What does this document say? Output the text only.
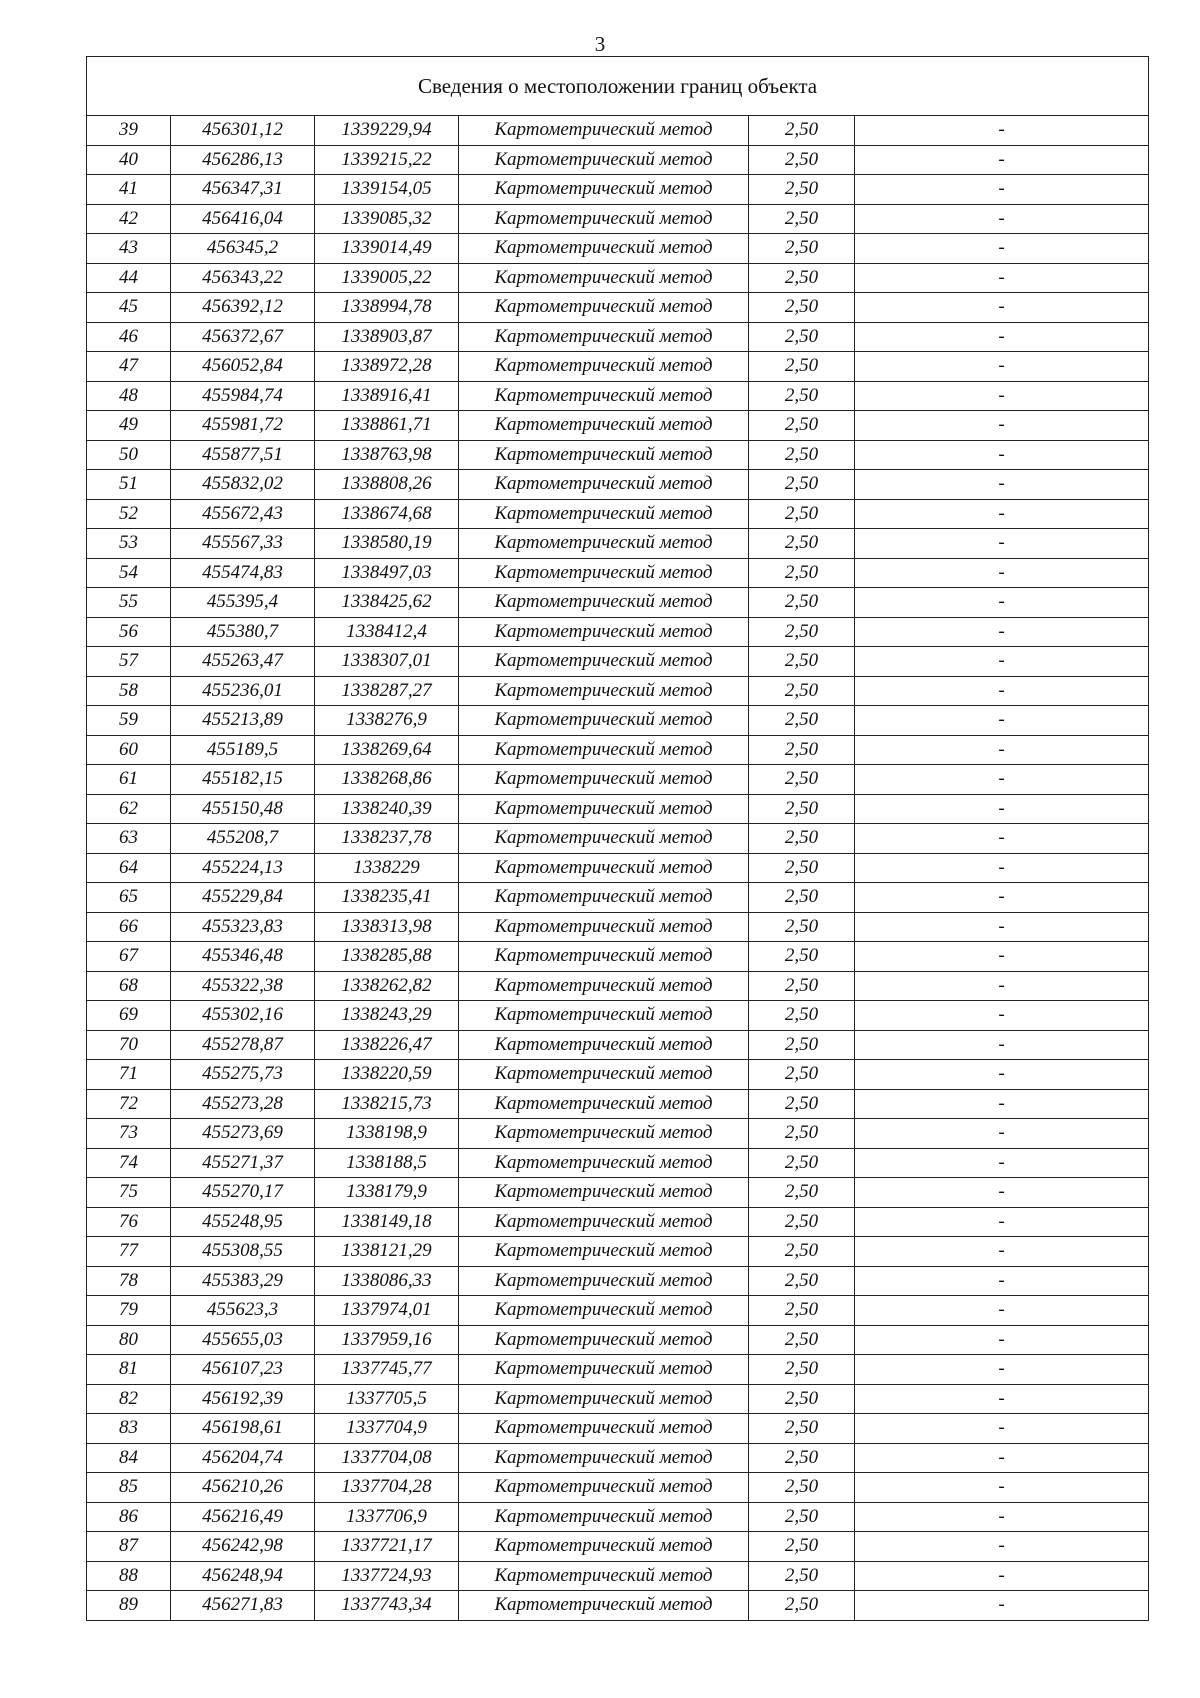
3
Сведения о местоположении границ объекта					
39	456301,12	1339229,94	Картометрический метод	2,50	-
40	456286,13	1339215,22	Картометрический метод	2,50	-
41	456347,31	1339154,05	Картометрический метод	2,50	-
42	456416,04	1339085,32	Картометрический метод	2,50	-
43	456345,2	1339014,49	Картометрический метод	2,50	-
44	456343,22	1339005,22	Картометрический метод	2,50	-
45	456392,12	1338994,78	Картометрический метод	2,50	-
46	456372,67	1338903,87	Картометрический метод	2,50	-
47	456052,84	1338972,28	Картометрический метод	2,50	-
48	455984,74	1338916,41	Картометрический метод	2,50	-
49	455981,72	1338861,71	Картометрический метод	2,50	-
50	455877,51	1338763,98	Картометрический метод	2,50	-
51	455832,02	1338808,26	Картометрический метод	2,50	-
52	455672,43	1338674,68	Картометрический метод	2,50	-
53	455567,33	1338580,19	Картометрический метод	2,50	-
54	455474,83	1338497,03	Картометрический метод	2,50	-
55	455395,4	1338425,62	Картометрический метод	2,50	-
56	455380,7	1338412,4	Картометрический метод	2,50	-
57	455263,47	1338307,01	Картометрический метод	2,50	-
58	455236,01	1338287,27	Картометрический метод	2,50	-
59	455213,89	1338276,9	Картометрический метод	2,50	-
60	455189,5	1338269,64	Картометрический метод	2,50	-
61	455182,15	1338268,86	Картометрический метод	2,50	-
62	455150,48	1338240,39	Картометрический метод	2,50	-
63	455208,7	1338237,78	Картометрический метод	2,50	-
64	455224,13	1338229	Картометрический метод	2,50	-
65	455229,84	1338235,41	Картометрический метод	2,50	-
66	455323,83	1338313,98	Картометрический метод	2,50	-
67	455346,48	1338285,88	Картометрический метод	2,50	-
68	455322,38	1338262,82	Картометрический метод	2,50	-
69	455302,16	1338243,29	Картометрический метод	2,50	-
70	455278,87	1338226,47	Картометрический метод	2,50	-
71	455275,73	1338220,59	Картометрический метод	2,50	-
72	455273,28	1338215,73	Картометрический метод	2,50	-
73	455273,69	1338198,9	Картометрический метод	2,50	-
74	455271,37	1338188,5	Картометрический метод	2,50	-
75	455270,17	1338179,9	Картометрический метод	2,50	-
76	455248,95	1338149,18	Картометрический метод	2,50	-
77	455308,55	1338121,29	Картометрический метод	2,50	-
78	455383,29	1338086,33	Картометрический метод	2,50	-
79	455623,3	1337974,01	Картометрический метод	2,50	-
80	455655,03	1337959,16	Картометрический метод	2,50	-
81	456107,23	1337745,77	Картометрический метод	2,50	-
82	456192,39	1337705,5	Картометрический метод	2,50	-
83	456198,61	1337704,9	Картометрический метод	2,50	-
84	456204,74	1337704,08	Картометрический метод	2,50	-
85	456210,26	1337704,28	Картометрический метод	2,50	-
86	456216,49	1337706,9	Картометрический метод	2,50	-
87	456242,98	1337721,17	Картометрический метод	2,50	-
88	456248,94	1337724,93	Картометрический метод	2,50	-
89	456271,83	1337743,34	Картометрический метод	2,50	-
